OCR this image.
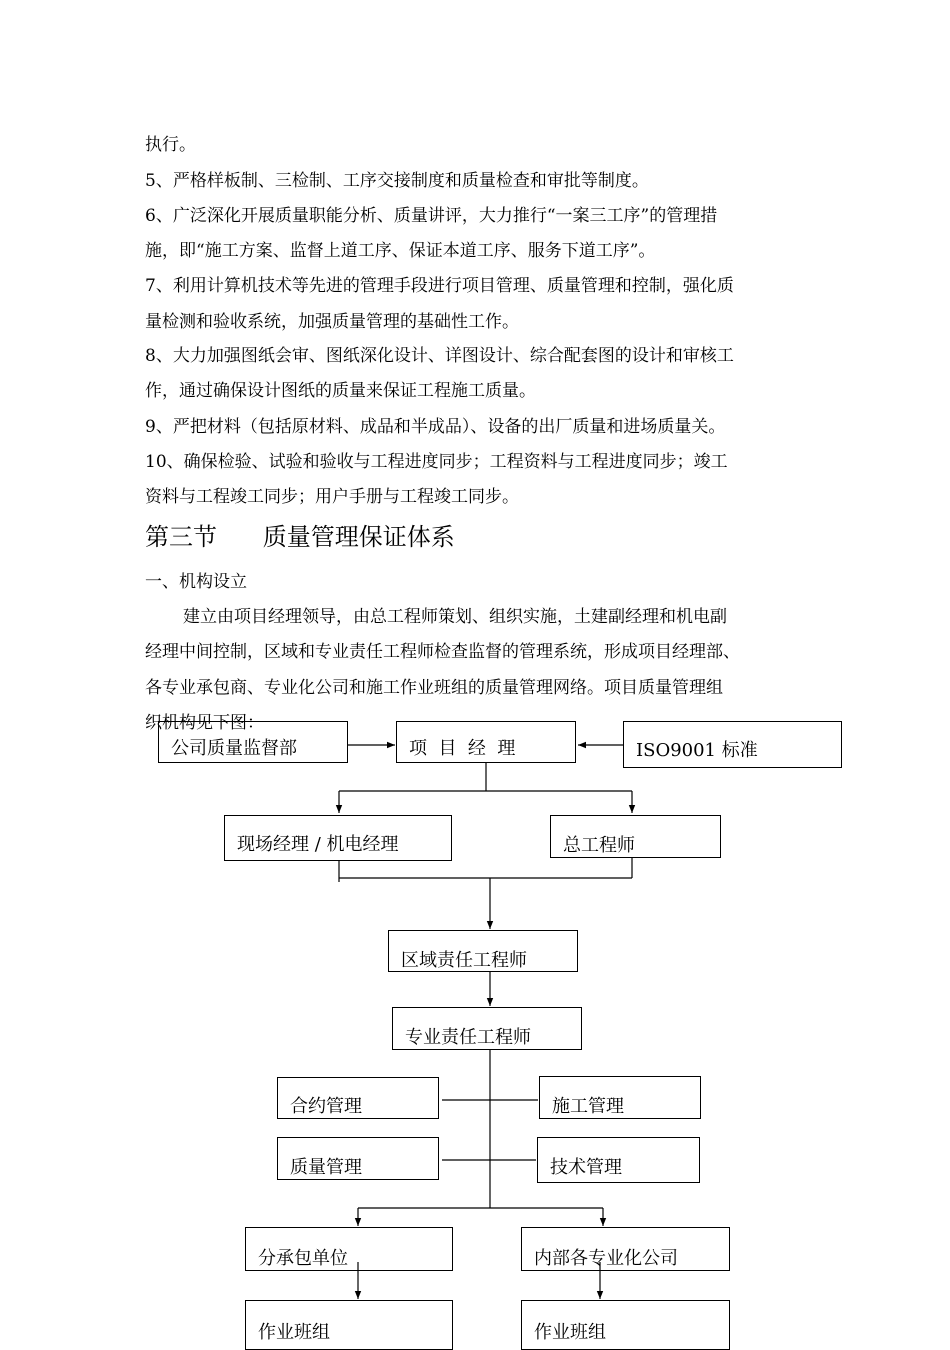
执行。

5、严格样板制、三检制、工序交接制度和质量检查和审批等制度。

6、广泛深化开展质量职能分析、质量讲评，大力推行“一案三工序”的管理措

施，即“施工方案、监督上道工序、保证本道工序、服务下道工序”。

7、利用计算机技术等先进的管理手段进行项目管理、质量管理和控制，强化质

量检测和验收系统，加强质量管理的基础性工作。

8、大力加强图纸会审、图纸深化设计、详图设计、综合配套图的设计和审核工

作，通过确保设计图纸的质量来保证工程施工质量。

9、严把材料（包括原材料、成品和半成品）、设备的出厂质量和进场质量关。

10、确保检验、试验和验收与工程进度同步；工程资料与工程进度同步；竣工

资料与工程竣工同步；用户手册与工程竣工同步。

第三节      质量管理保证体系

一、机构设立

建立由项目经理领导，由总工程师策划、组织实施，土建副经理和机电副

经理中间控制，区域和专业责任工程师检查监督的管理系统，形成项目经理部、

各专业承包商、专业化公司和施工作业班组的质量管理网络。项目质量管理组

织机构见下图：

公司质量监督部	项  目  经  理	ISO9001 标准
现场经理 / 机电经理	总工程师
区域责任工程师
专业责任工程师
合约管理	施工管理
质量管理	技术管理
分承包单位	内部各专业化公司
作业班组	作业班组
